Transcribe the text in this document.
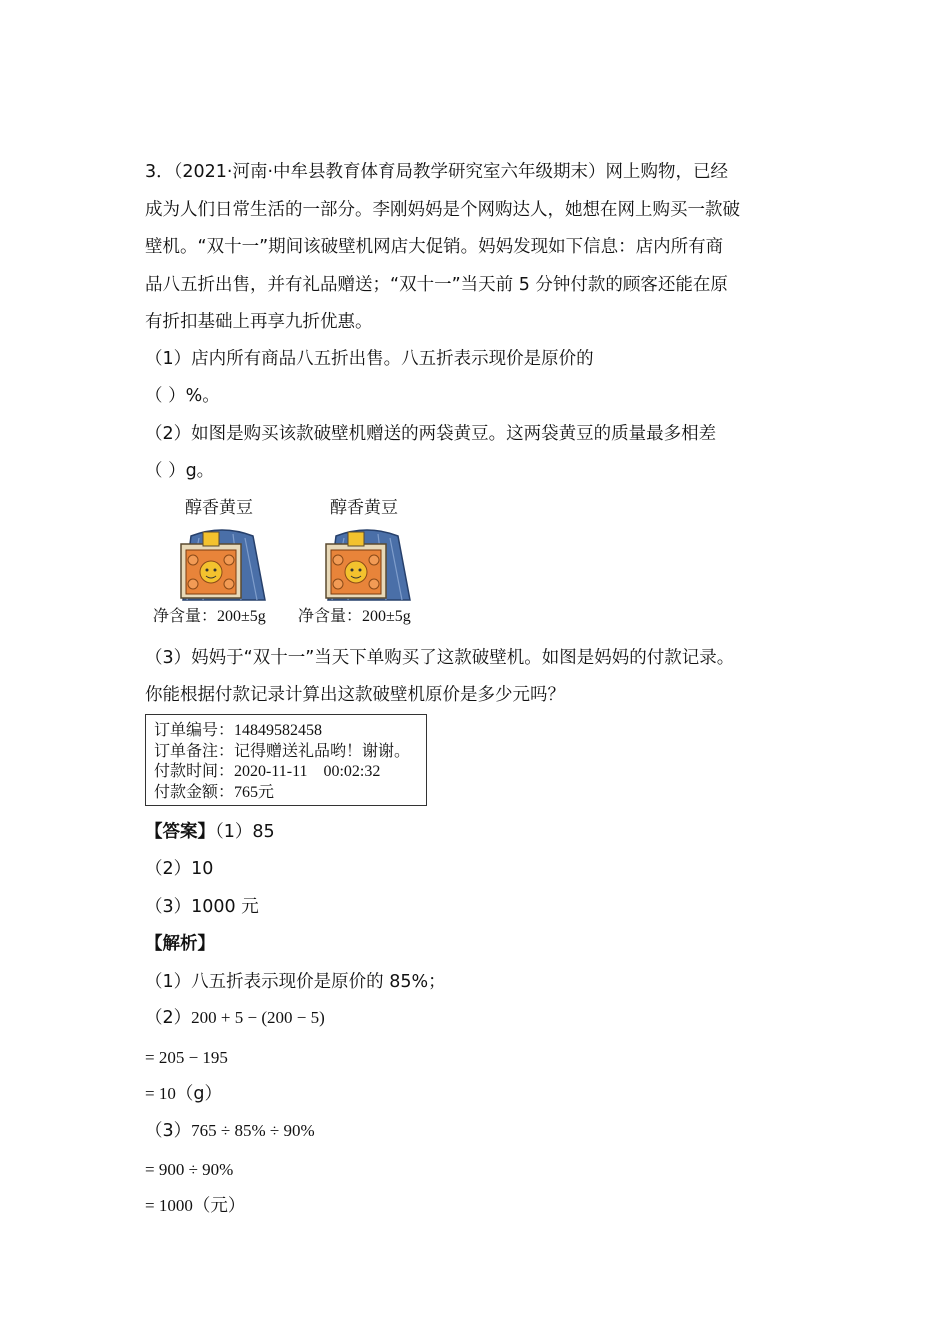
3．（2021·河南·中牟县教育体育局教学研究室六年级期末）网上购物，已经
成为人们日常生活的一部分。李刚妈妈是个网购达人，她想在网上购买一款破
壁机。“双十一”期间该破壁机网店大促销。妈妈发现如下信息：店内所有商
品八五折出售，并有礼品赠送；“双十一”当天前 5 分钟付款的顾客还能在原
有折扣基础上再享九折优惠。
（1）店内所有商品八五折出售。八五折表示现价是原价的
（ ）%。
（2）如图是购买该款破壁机赠送的两袋黄豆。这两袋黄豆的质量最多相差
（ ）g。
醇香黄豆
净含量：200±5g
醇香黄豆
净含量：200±5g
（3）妈妈于“双十一”当天下单购买了这款破壁机。如图是妈妈的付款记录。
你能根据付款记录计算出这款破壁机原价是多少元吗？
订单编号：14849582458
订单备注：记得赠送礼品哟！谢谢。
付款时间：2020-11-11　00:02:32
付款金额：765元
【答案】（1）85
（2）10
（3）1000 元
【解析】
（1）八五折表示现价是原价的 85%；
（2）200 + 5 − (200 − 5)
= 205 − 195
= 10（g）
（3）765 ÷ 85% ÷ 90%
= 900 ÷ 90%
= 1000（元）
